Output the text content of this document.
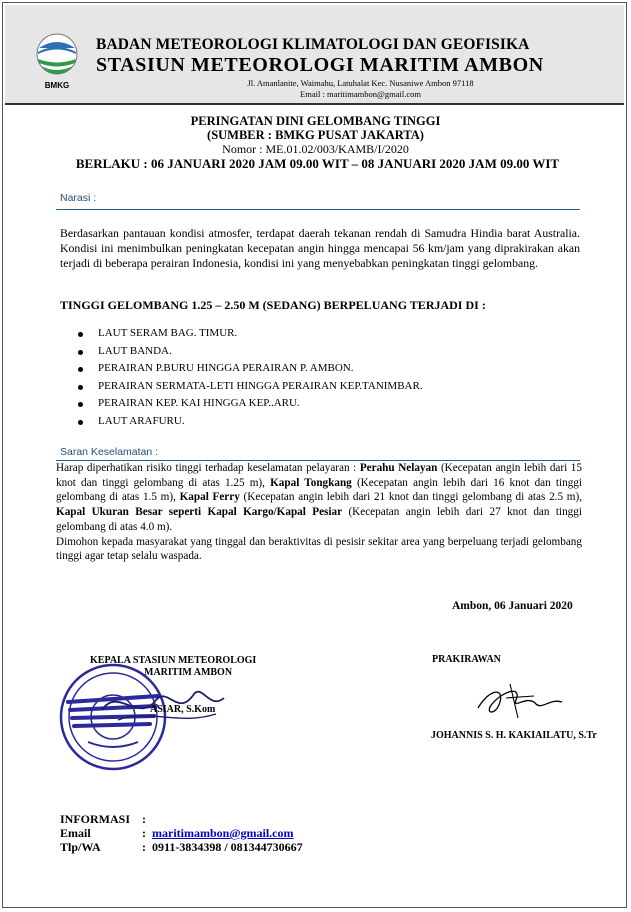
BMKG
BADAN METEOROLOGI KLIMATOLOGI DAN GEOFISIKA
STASIUN METEOROLOGI MARITIM AMBON
Jl. Amanlanite, Waimahu, Latuhalat Kec. Nusaniwe Ambon 97118
Email : maritimambon@gmail.com
PERINGATAN DINI GELOMBANG TINGGI
(SUMBER : BMKG PUSAT JAKARTA)
Nomor : ME.01.02/003/KAMB/I/2020
BERLAKU : 06 JANUARI 2020 JAM 09.00 WIT – 08 JANUARI 2020 JAM 09.00 WIT
Narasi :
Berdasarkan pantauan kondisi atmosfer, terdapat daerah tekanan rendah di Samudra Hindia barat Australia. Kondisi ini menimbulkan peningkatan kecepatan angin hingga mencapai 56 km/jam yang diprakirakan akan terjadi di beberapa perairan Indonesia, kondisi ini yang menyebabkan peningkatan tinggi gelombang.
TINGGI GELOMBANG 1.25 – 2.50 M (SEDANG) BERPELUANG TERJADI DI :
LAUT SERAM BAG. TIMUR.
LAUT BANDA.
PERAIRAN P.BURU HINGGA PERAIRAN P. AMBON.
PERAIRAN SERMATA-LETI HINGGA PERAIRAN KEP.TANIMBAR.
PERAIRAN KEP. KAI HINGGA KEP..ARU.
LAUT ARAFURU.
Saran Keselamatan :

Harap diperhatikan risiko tinggi terhadap keselamatan pelayaran : Perahu Nelayan (Kecepatan angin lebih dari 15 knot dan tinggi gelombang di atas 1.25 m), Kapal Tongkang (Kecepatan angin lebih dari 16 knot dan tinggi gelombang di atas 1.5 m), Kapal Ferry (Kecepatan angin lebih dari 21 knot dan tinggi gelombang di atas 2.5 m), Kapal Ukuran Besar seperti Kapal Kargo/Kapal Pesiar (Kecepatan angin lebih dari 27 knot dan tinggi gelombang di atas 4.0 m).

Dimohon kepada masyarakat yang tinggal dan beraktivitas di pesisir sekitar area yang berpeluang terjadi gelombang tinggi agar tetap selalu waspada.

Ambon, 06 Januari 2020
KEPALA STASIUN METEOROLOGI
MARITIM AMBON
ASIAR, S.Kom
PRAKIRAWAN
JOHANNIS S. H. KAKIAILATU, S.Tr
INFORMASI :
Email	: maritimambon@gmail.com
Tlp/WA	: 0911-3834398 / 081344730667
